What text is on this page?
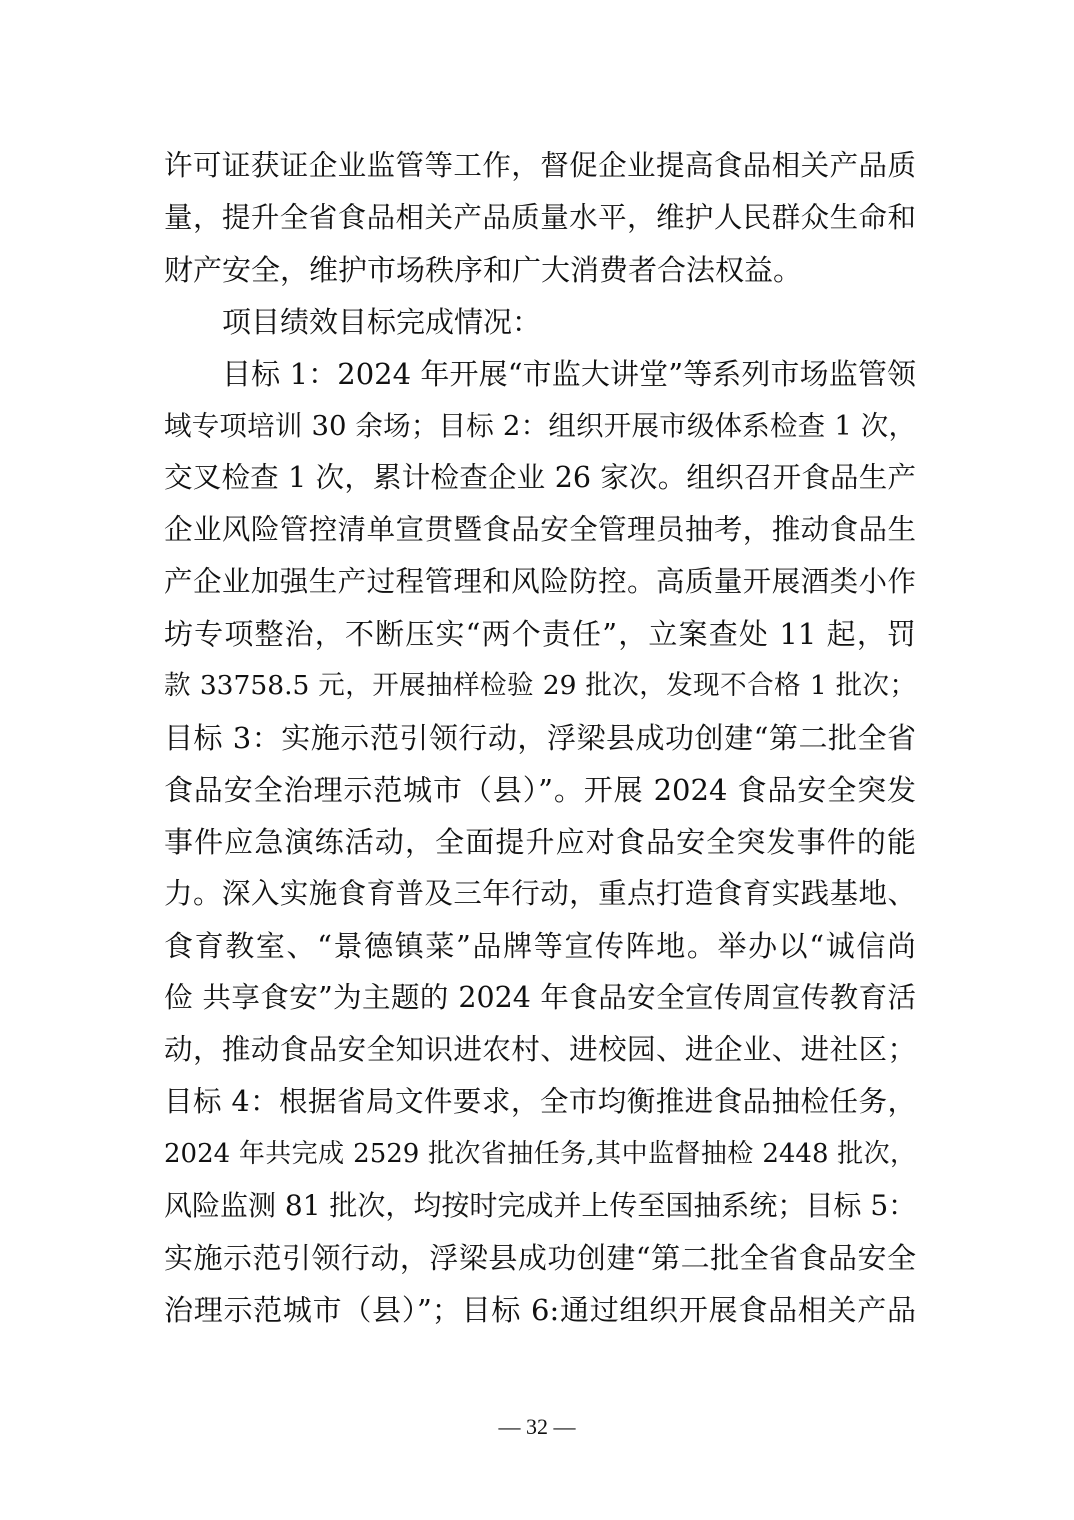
许可证获证企业监管等工作，督促企业提高食品相关产品质
量，提升全省食品相关产品质量水平，维护人民群众生命和
财产安全，维护市场秩序和广大消费者合法权益。
项目绩效目标完成情况：
目标 1：2024 年开展“市监大讲堂”等系列市场监管领
域专项培训 30 余场；目标 2：组织开展市级体系检查 1 次，
交叉检查 1 次，累计检查企业 26 家次。组织召开食品生产
企业风险管控清单宣贯暨食品安全管理员抽考，推动食品生
产企业加强生产过程管理和风险防控。高质量开展酒类小作
坊专项整治，不断压实“两个责任”，立案查处 11 起，罚
款 33758.5 元，开展抽样检验 29 批次，发现不合格 1 批次；
目标 3：实施示范引领行动，浮梁县成功创建“第二批全省
食品安全治理示范城市（县）”。开展 2024 食品安全突发
事件应急演练活动，全面提升应对食品安全突发事件的能
力。深入实施食育普及三年行动，重点打造食育实践基地、
食育教室、“景德镇菜”品牌等宣传阵地。举办以“诚信尚
俭 共享食安”为主题的 2024 年食品安全宣传周宣传教育活
动，推动食品安全知识进农村、进校园、进企业、进社区；
目标 4：根据省局文件要求，全市均衡推进食品抽检任务，
2024 年共完成 2529 批次省抽任务,其中监督抽检 2448 批次，
风险监测 81 批次，均按时完成并上传至国抽系统；目标 5：
实施示范引领行动，浮梁县成功创建“第二批全省食品安全
治理示范城市（县）”；目标 6:通过组织开展食品相关产品
— 32 —
